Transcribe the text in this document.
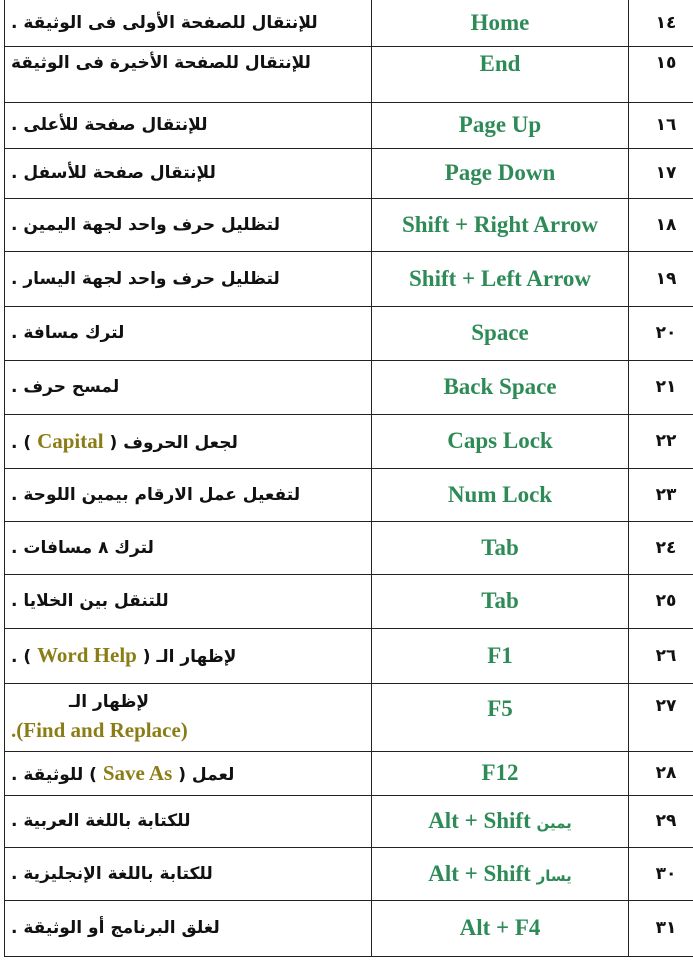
للإنتقال للصفحة الأولى فى الوثيقة .	Home	١٤
للإنتقال للصفحة الأخيرة فى الوثيقة	End	١٥
للإنتقال صفحة للأعلى .	Page Up	١٦
للإنتقال صفحة للأسفل .	Page Down	١٧
لتظليل حرف واحد لجهة اليمين .	Shift + Right Arrow	١٨
لتظليل حرف واحد لجهة اليسار .	Shift + Left Arrow	١٩
لترك مسافة .	Space	٢٠
لمسح حرف .	Back Space	٢١
لجعل الحروف ( Capital ) .	Caps Lock	٢٢
لتفعيل عمل الارقام بيمين اللوحة .	Num Lock	٢٣
لترك ٨ مسافات .	Tab	٢٤
للتنقل بين الخلايا .	Tab	٢٥
لإظهار الـ ( Word Help ) .	F1	٢٦

لإظهار الـ
.(Find and Replace)	F5	٢٧
لعمل ( Save As ) للوثيقة .	F12	٢٨
للكتابة باللغة العربية .	Alt + Shift يمين	٢٩
للكتابة باللغة الإنجليزية .	Alt + Shift يسار	٣٠
لغلق البرنامج أو الوثيقة .	Alt + F4	٣١
